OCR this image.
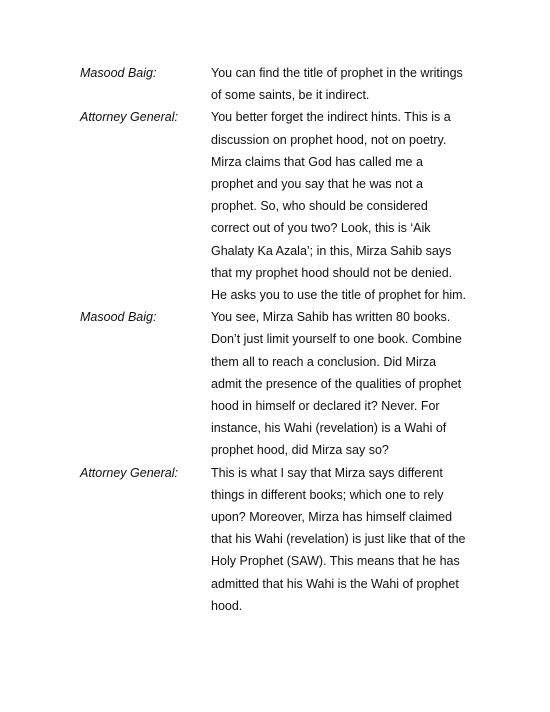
Masood Baig:	You can find the title of prophet in the writings
of some saints, be it indirect.
Attorney General:	You better forget the indirect hints. This is a
discussion on prophet hood, not on poetry.
Mirza claims that God has called me a
prophet and you say that he was not a
prophet. So, who should be considered
correct out of you two? Look, this is ‘Aik
Ghalaty Ka Azala’; in this, Mirza Sahib says
that my prophet hood should not be denied.
He asks you to use the title of prophet for him.
Masood Baig:	You see, Mirza Sahib has written 80 books.
Don’t just limit yourself to one book. Combine
them all to reach a conclusion. Did Mirza
admit the presence of the qualities of prophet
hood in himself or declared it? Never. For
instance, his Wahi (revelation) is a Wahi of
prophet hood, did Mirza say so?
Attorney General:	This is what I say that Mirza says different
things in different books; which one to rely
upon? Moreover, Mirza has himself claimed
that his Wahi (revelation) is just like that of the
Holy Prophet (SAW). This means that he has
admitted that his Wahi is the Wahi of prophet
hood.
